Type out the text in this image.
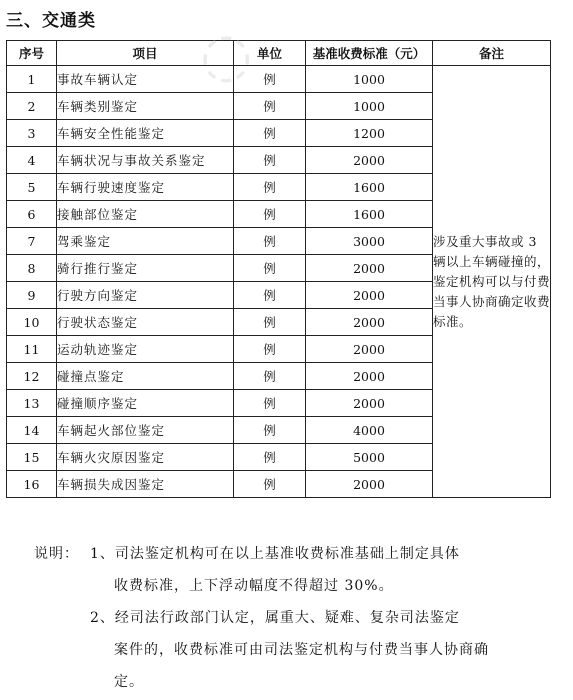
三、交通类
序号	项目	单位	基准收费标准（元）	备注
1	事故车辆认定	例	1000	涉及重大事故或 3 辆以上车辆碰撞的，鉴定机构可以与付费当事人协商确定收费标准。
2	车辆类别鉴定	例	1000	
3	车辆安全性能鉴定	例	1200	
4	车辆状况与事故关系鉴定	例	2000	
5	车辆行驶速度鉴定	例	1600	
6	接触部位鉴定	例	1600	
7	驾乘鉴定	例	3000	
8	骑行推行鉴定	例	2000	
9	行驶方向鉴定	例	2000	
10	行驶状态鉴定	例	2000	
11	运动轨迹鉴定	例	2000	
12	碰撞点鉴定	例	2000	
13	碰撞顺序鉴定	例	2000	
14	车辆起火部位鉴定	例	4000	
15	车辆火灾原因鉴定	例	5000	
16	车辆损失成因鉴定	例	2000	
说明： 1、司法鉴定机构可在以上基准收费标准基础上制定具体
收费标准，上下浮动幅度不得超过 30%。
2、经司法行政部门认定，属重大、疑难、复杂司法鉴定
案件的，收费标准可由司法鉴定机构与付费当事人协商确
定。
◌
